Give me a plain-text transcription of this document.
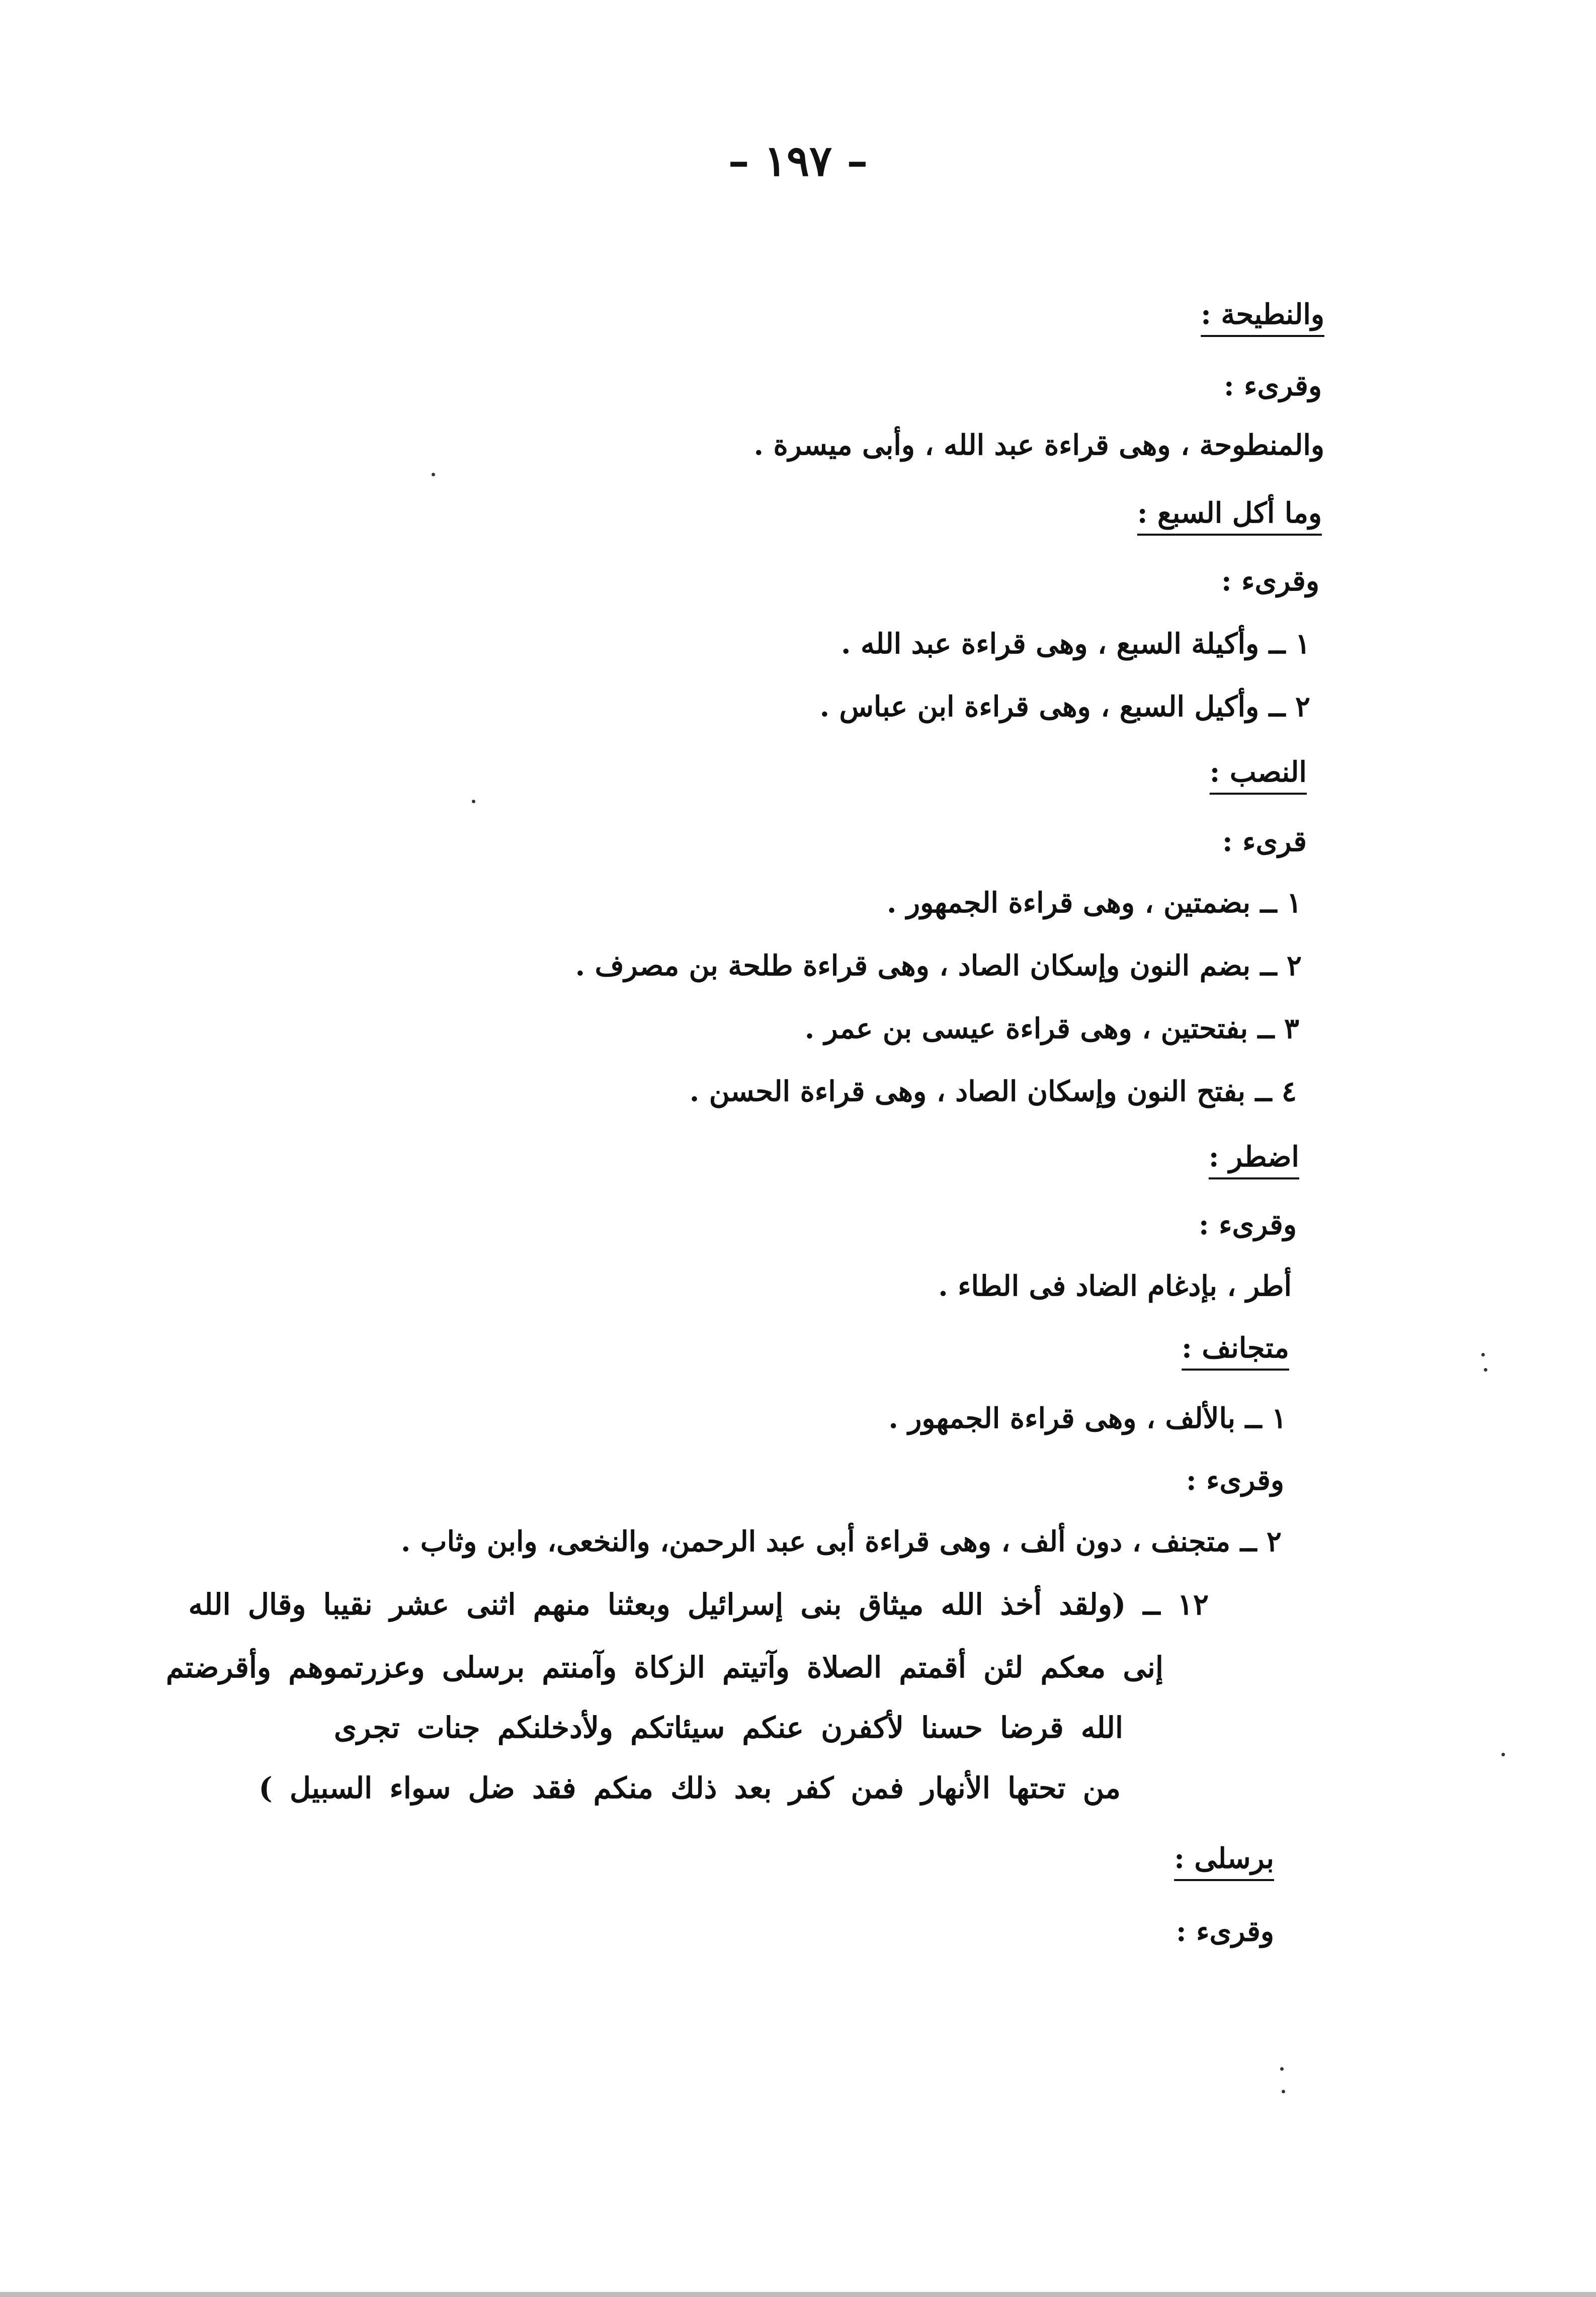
– ١٩٧ –
والنطيحة :
وقرىء :
والمنطوحة ، وهى قراءة عبد الله ، وأبى ميسرة .
وما أكل السبع :
وقرىء :
١ ــ وأكيلة السبع ، وهى قراءة عبد الله .
٢ ــ وأكيل السبع ، وهى قراءة ابن عباس .
النصب :
قرىء :
١ ــ بضمتين ، وهى قراءة الجمهور .
٢ ــ بضم النون وإسكان الصاد ، وهى قراءة طلحة بن مصرف .
٣ ــ بفتحتين ، وهى قراءة عيسى بن عمر .
٤ ــ بفتح النون وإسكان الصاد ، وهى قراءة الحسن .
اضطر :
وقرىء :
أطر ، بإدغام الضاد فى الطاء .
متجانف :
١ ــ بالألف ، وهى قراءة الجمهور .
وقرىء :
٢ ــ متجنف ، دون ألف ، وهى قراءة أبى عبد الرحمن، والنخعى، وابن وثاب .
١٢ ــ (ولقد أخذ الله ميثاق بنى إسرائيل وبعثنا منهم اثنى عشر نقيبا وقال الله
إنى معكم لئن أقمتم الصلاة وآتيتم الزكاة وآمنتم برسلى وعزرتموهم وأقرضتم
الله قرضا حسنا لأكفرن عنكم سيئاتكم ولأدخلنكم جنات تجرى
من تحتها الأنهار فمن كفر بعد ذلك منكم فقد ضل سواء السبيل )
برسلى :
وقرىء :
